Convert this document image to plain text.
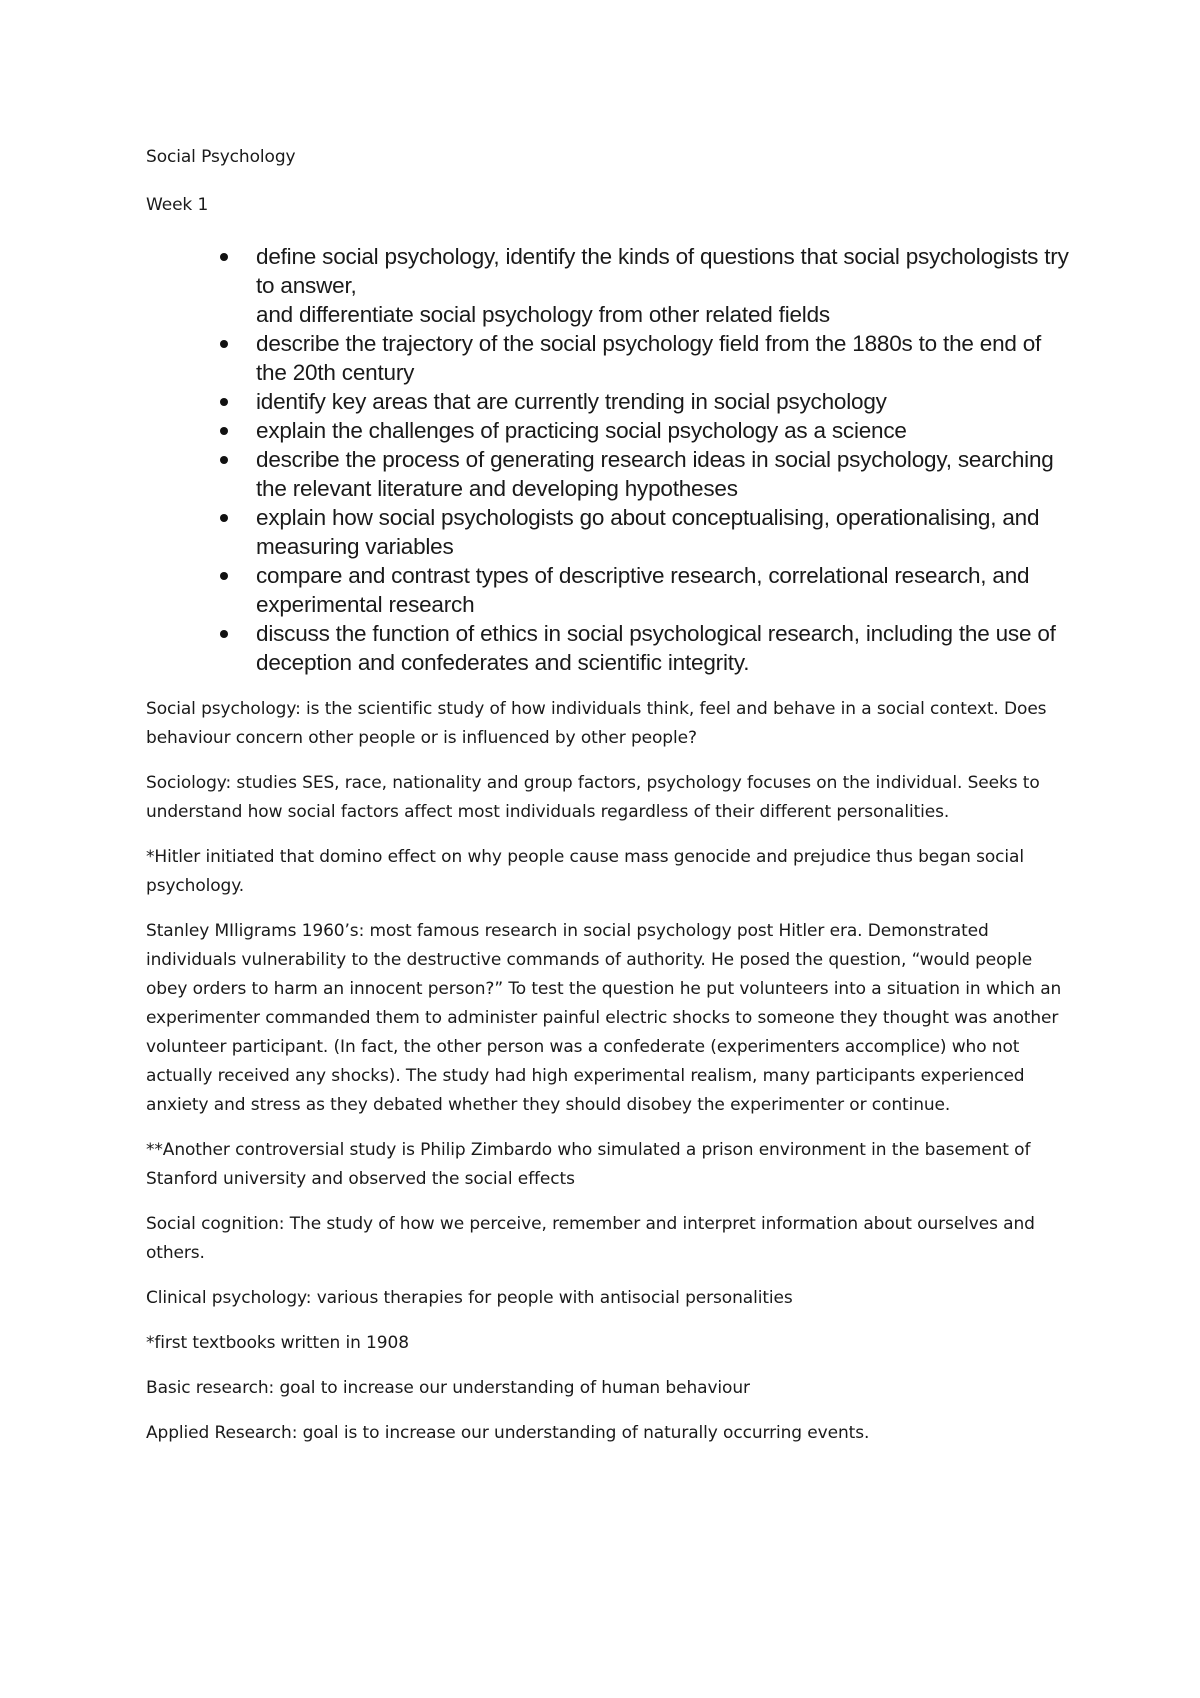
Social Psychology

Week 1

define social psychology, identify the kinds of questions that social psychologists try to answer,
and differentiate social psychology from other related fields
describe the trajectory of the social psychology field from the 1880s to the end of the 20th century
identify key areas that are currently trending in social psychology
explain the challenges of practicing social psychology as a science
describe the process of generating research ideas in social psychology, searching the relevant literature and developing hypotheses
explain how social psychologists go about conceptualising, operationalising, and measuring variables
compare and contrast types of descriptive research, correlational research, and experimental research
discuss the function of ethics in social psychological research, including the use of deception and confederates and scientific integrity.

Social psychology: is the scientific study of how individuals think, feel and behave in a social context. Does behaviour concern other people or is influenced by other people?

Sociology: studies SES, race, nationality and group factors, psychology focuses on the individual. Seeks to understand how social factors affect most individuals regardless of their different personalities.

*Hitler initiated that domino effect on why people cause mass genocide and prejudice thus began social psychology.

Stanley MIligrams 1960’s: most famous research in social psychology post Hitler era. Demonstrated individuals vulnerability to the destructive commands of authority. He posed the question, “would people obey orders to harm an innocent person?” To test the question he put volunteers into a situation in which an experimenter commanded them to administer painful electric shocks to someone they thought was another volunteer participant. (In fact, the other person was a confederate (experimenters accomplice) who not actually received any shocks). The study had high experimental realism, many participants experienced anxiety and stress as they debated whether they should disobey the experimenter or continue.

**Another controversial study is Philip Zimbardo who simulated a prison environment in the basement of Stanford university and observed the social effects

Social cognition: The study of how we perceive, remember and interpret information about ourselves and others.

Clinical psychology: various therapies for people with antisocial personalities

*first textbooks written in 1908

Basic research: goal to increase our understanding of human behaviour

Applied Research: goal is to increase our understanding of naturally occurring events.
